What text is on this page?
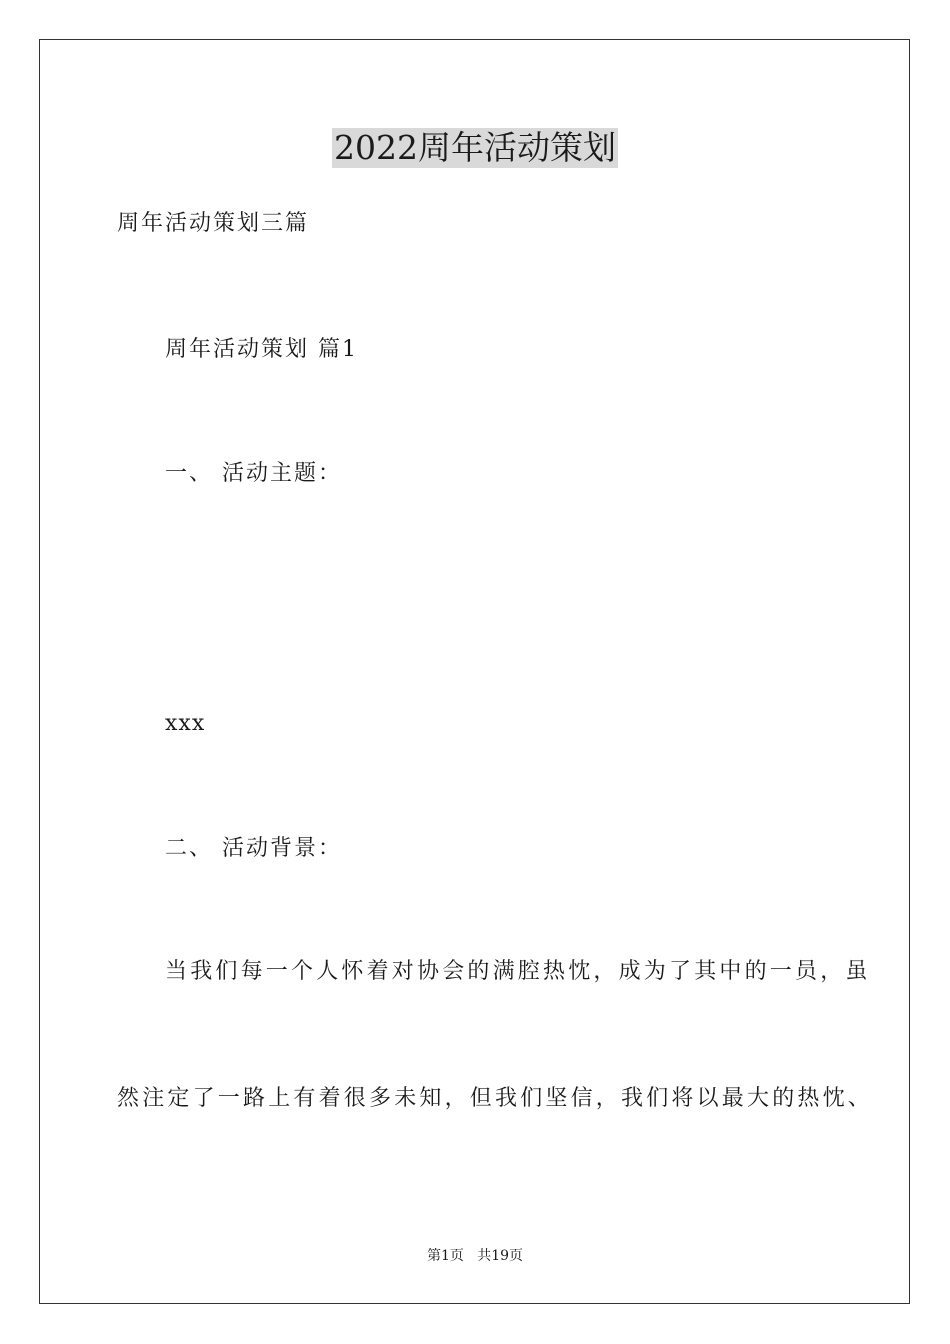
2022周年活动策划
周年活动策划三篇
周年活动策划 篇1
一、 活动主题：
xxx
二、 活动背景：
当我们每一个人怀着对协会的满腔热忱，成为了其中的一员，虽
然注定了一路上有着很多未知，但我们坚信，我们将以最大的热忱、
第1页   共19页
